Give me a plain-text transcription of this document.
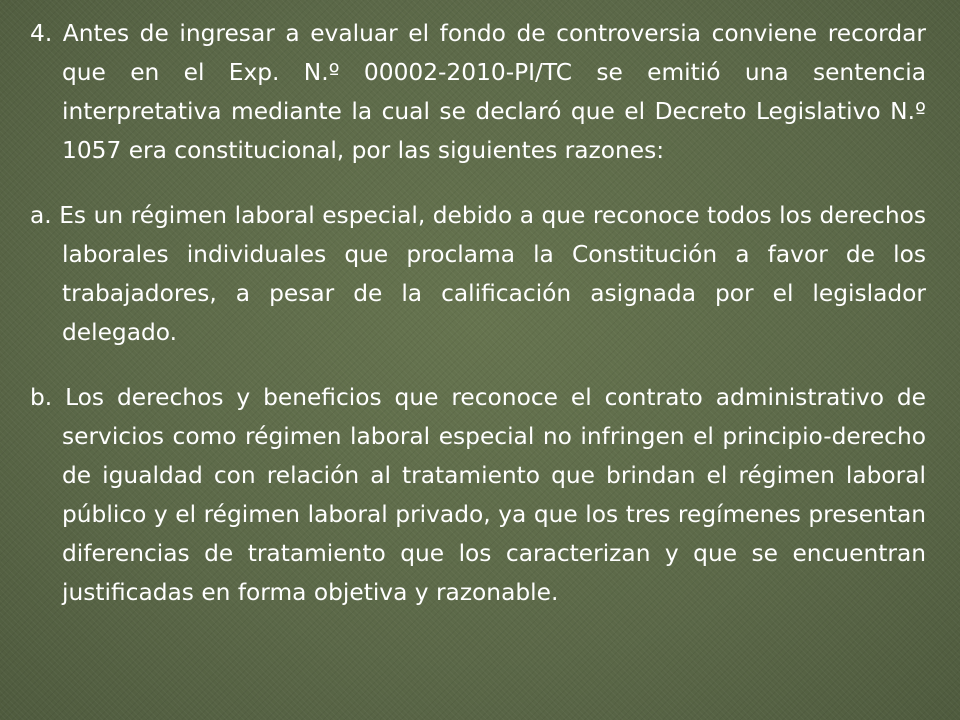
4. Antes de ingresar a evaluar el fondo de controversia conviene recordar que en el Exp. N.º 00002-2010-PI/TC se emitió una sentencia interpretativa mediante la cual se declaró que el Decreto Legislativo N.º 1057 era constitucional, por las siguientes razones:

a. Es un régimen laboral especial, debido a que reconoce todos los derechos laborales individuales que proclama la Constitución a favor de los trabajadores, a pesar de la calificación asignada por el legislador delegado.

b. Los derechos y beneficios que reconoce el contrato administrativo de servicios como régimen laboral especial no infringen el principio-derecho de igualdad con relación al tratamiento que brindan el régimen laboral público y el régimen laboral privado, ya que los tres regímenes presentan diferencias de tratamiento que los caracterizan y que se encuentran justificadas en forma objetiva y razonable.
